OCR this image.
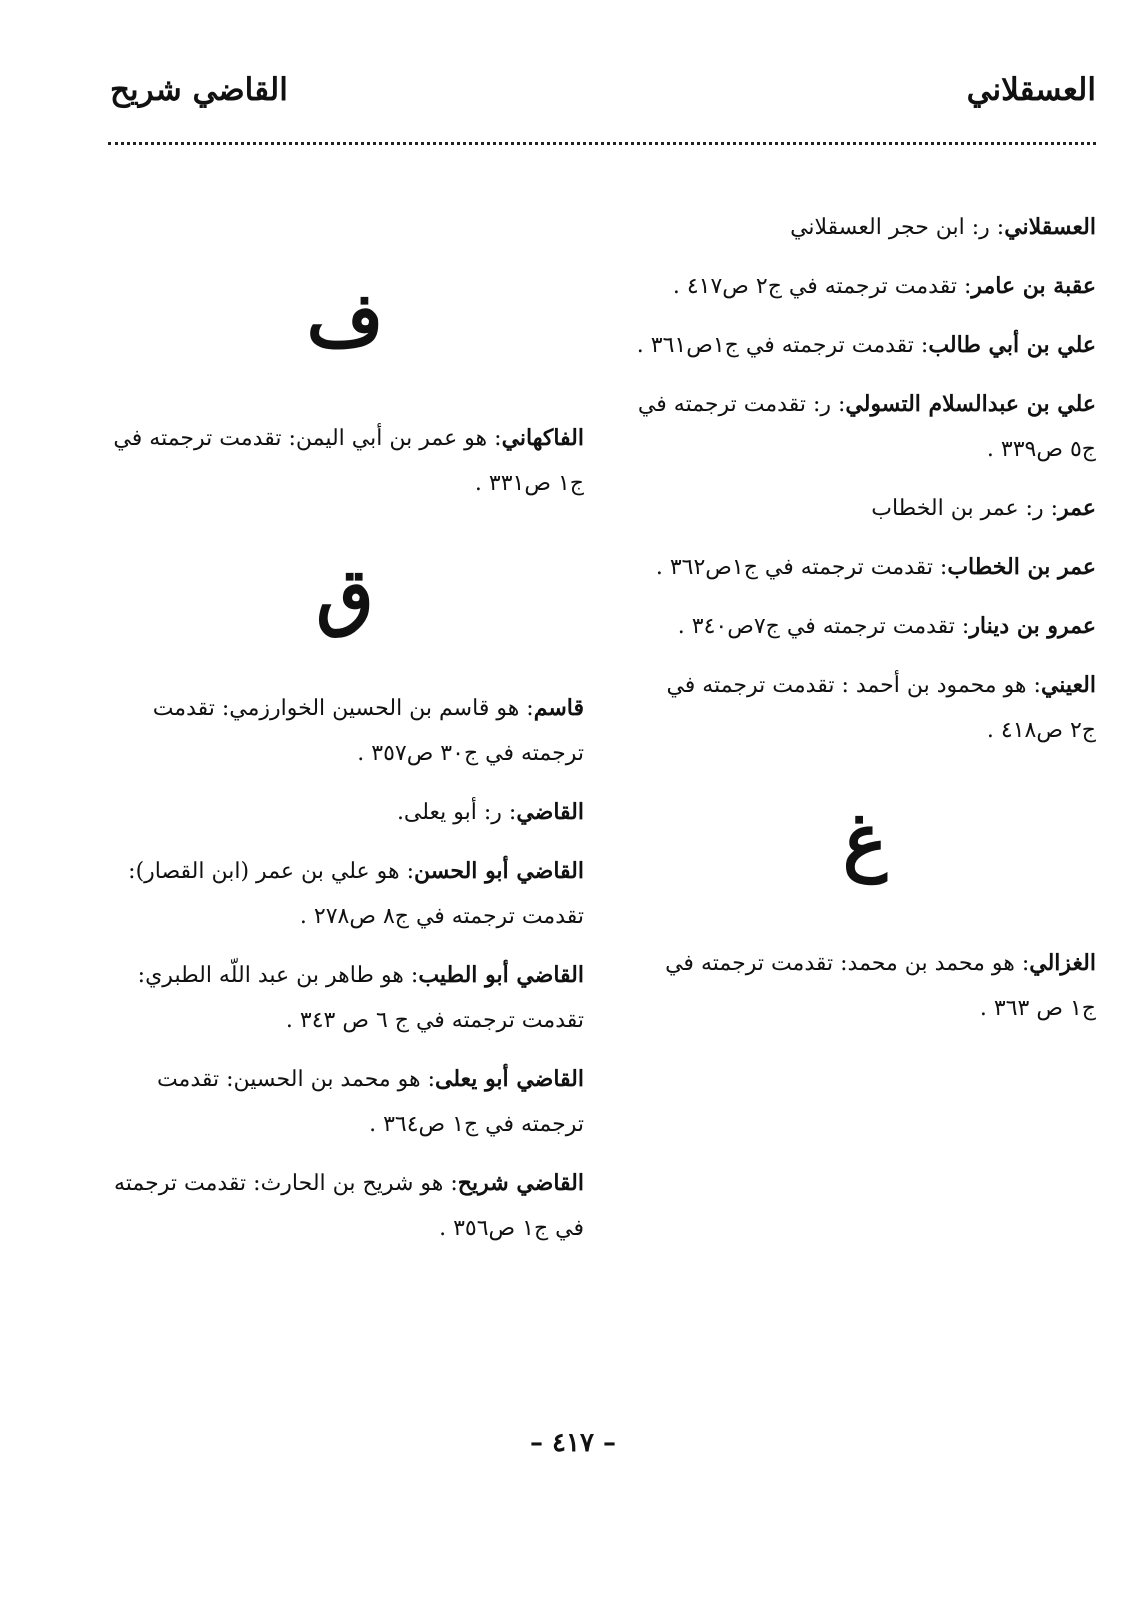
العسقلاني
القاضي شريح
العسقلاني: ر: ابن حجر العسقلاني
عقبة بن عامر: تقدمت ترجمته في ج٢ ص٤١٧ .
علي بن أبي طالب: تقدمت ترجمته في ج١ص٣٦١ .
علي بن عبدالسلام التسولي: ر: تقدمت ترجمته في ج٥ ص٣٣٩ .
عمر: ر: عمر بن الخطاب
عمر بن الخطاب: تقدمت ترجمته في ج١ص٣٦٢ .
عمرو بن دينار: تقدمت ترجمته في ج٧ص٣٤٠ .
العيني: هو محمود بن أحمد : تقدمت ترجمته في ج٢ ص٤١٨ .
غ
الغزالي: هو محمد بن محمد: تقدمت ترجمته في ج١ ص ٣٦٣ .
ف
الفاكهاني: هو عمر بن أبي اليمن: تقدمت ترجمته في ج١ ص٣٣١ .
ق
قاسم: هو قاسم بن الحسين الخوارزمي: تقدمت ترجمته في ج٣٠ ص٣٥٧ .
القاضي: ر: أبو يعلى.
القاضي أبو الحسن: هو علي بن عمر (ابن القصار): تقدمت ترجمته في ج٨ ص٢٧٨ .
القاضي أبو الطيب: هو طاهر بن عبد اللّه الطبري: تقدمت ترجمته في ج ٦ ص ٣٤٣ .
القاضي أبو يعلى: هو محمد بن الحسين: تقدمت ترجمته في ج١ ص٣٦٤ .
القاضي شريح: هو شريح بن الحارث: تقدمت ترجمته في ج١ ص٣٥٦ .
– ٤١٧ –
